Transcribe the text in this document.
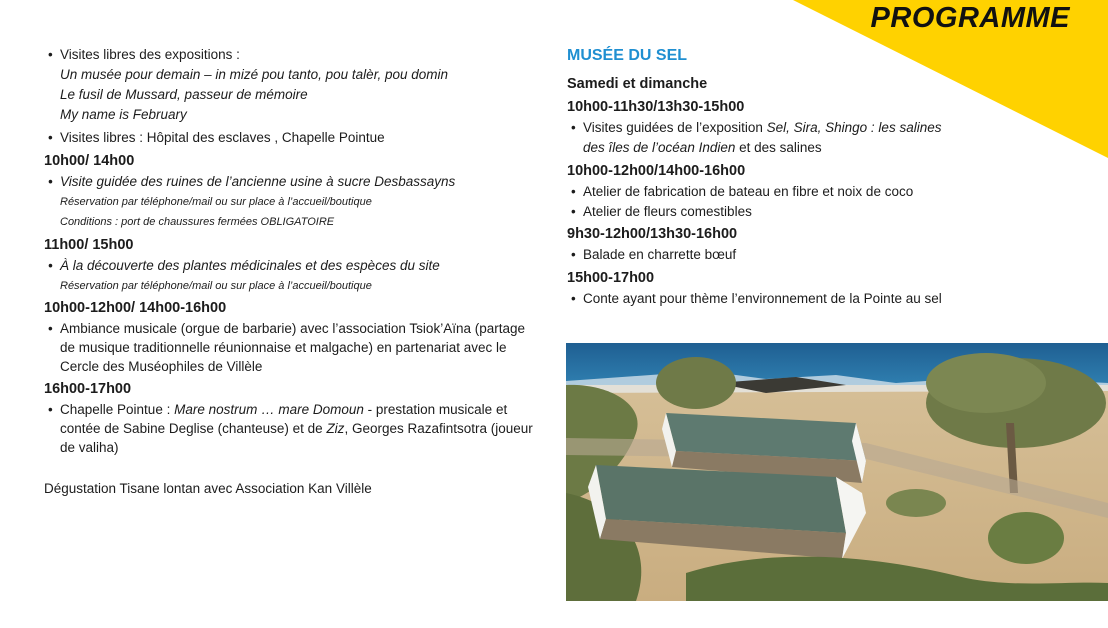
PROGRAMME
• Visites libres des expositions :
Un musée pour demain – in mizé pou tanto, pou talèr, pou domin
Le fusil de Mussard, passeur de mémoire
My name is February
• Visites libres : Hôpital des esclaves , Chapelle Pointue
10h00/ 14h00
• Visite guidée des ruines de l’ancienne usine à sucre Desbassayns
Réservation par téléphone/mail ou sur place à l’accueil/boutique
Conditions : port de chaussures fermées OBLIGATOIRE
11h00/ 15h00
• À la découverte des plantes médicinales et des espèces du site
Réservation par téléphone/mail ou sur place à l’accueil/boutique
10h00-12h00/ 14h00-16h00
• Ambiance musicale (orgue de barbarie) avec l’association Tsiok’Aïna (partage
de musique traditionnelle réunionnaise et malgache) en partenariat avec le
Cercle des Muséophiles de Villèle
16h00-17h00
• Chapelle Pointue : Mare nostrum … mare Domoun - prestation musicale et
contée de Sabine Deglise (chanteuse) et de Ziz, Georges Razafintsotra (joueur
de valiha)
Dégustation Tisane lontan avec Association Kan Villèle
MUSÉE DU SEL
Samedi et dimanche
10h00-11h30/13h30-15h00
• Visites guidées de l’exposition Sel, Sira, Shingo : les salines
des îles de l’océan Indien et des salines
10h00-12h00/14h00-16h00
• Atelier de fabrication de bateau en fibre et noix de coco
• Atelier de fleurs comestibles
9h30-12h00/13h30-16h00
• Balade en charrette bœuf
15h00-17h00
• Conte ayant pour thème l’environnement de la Pointe au sel
